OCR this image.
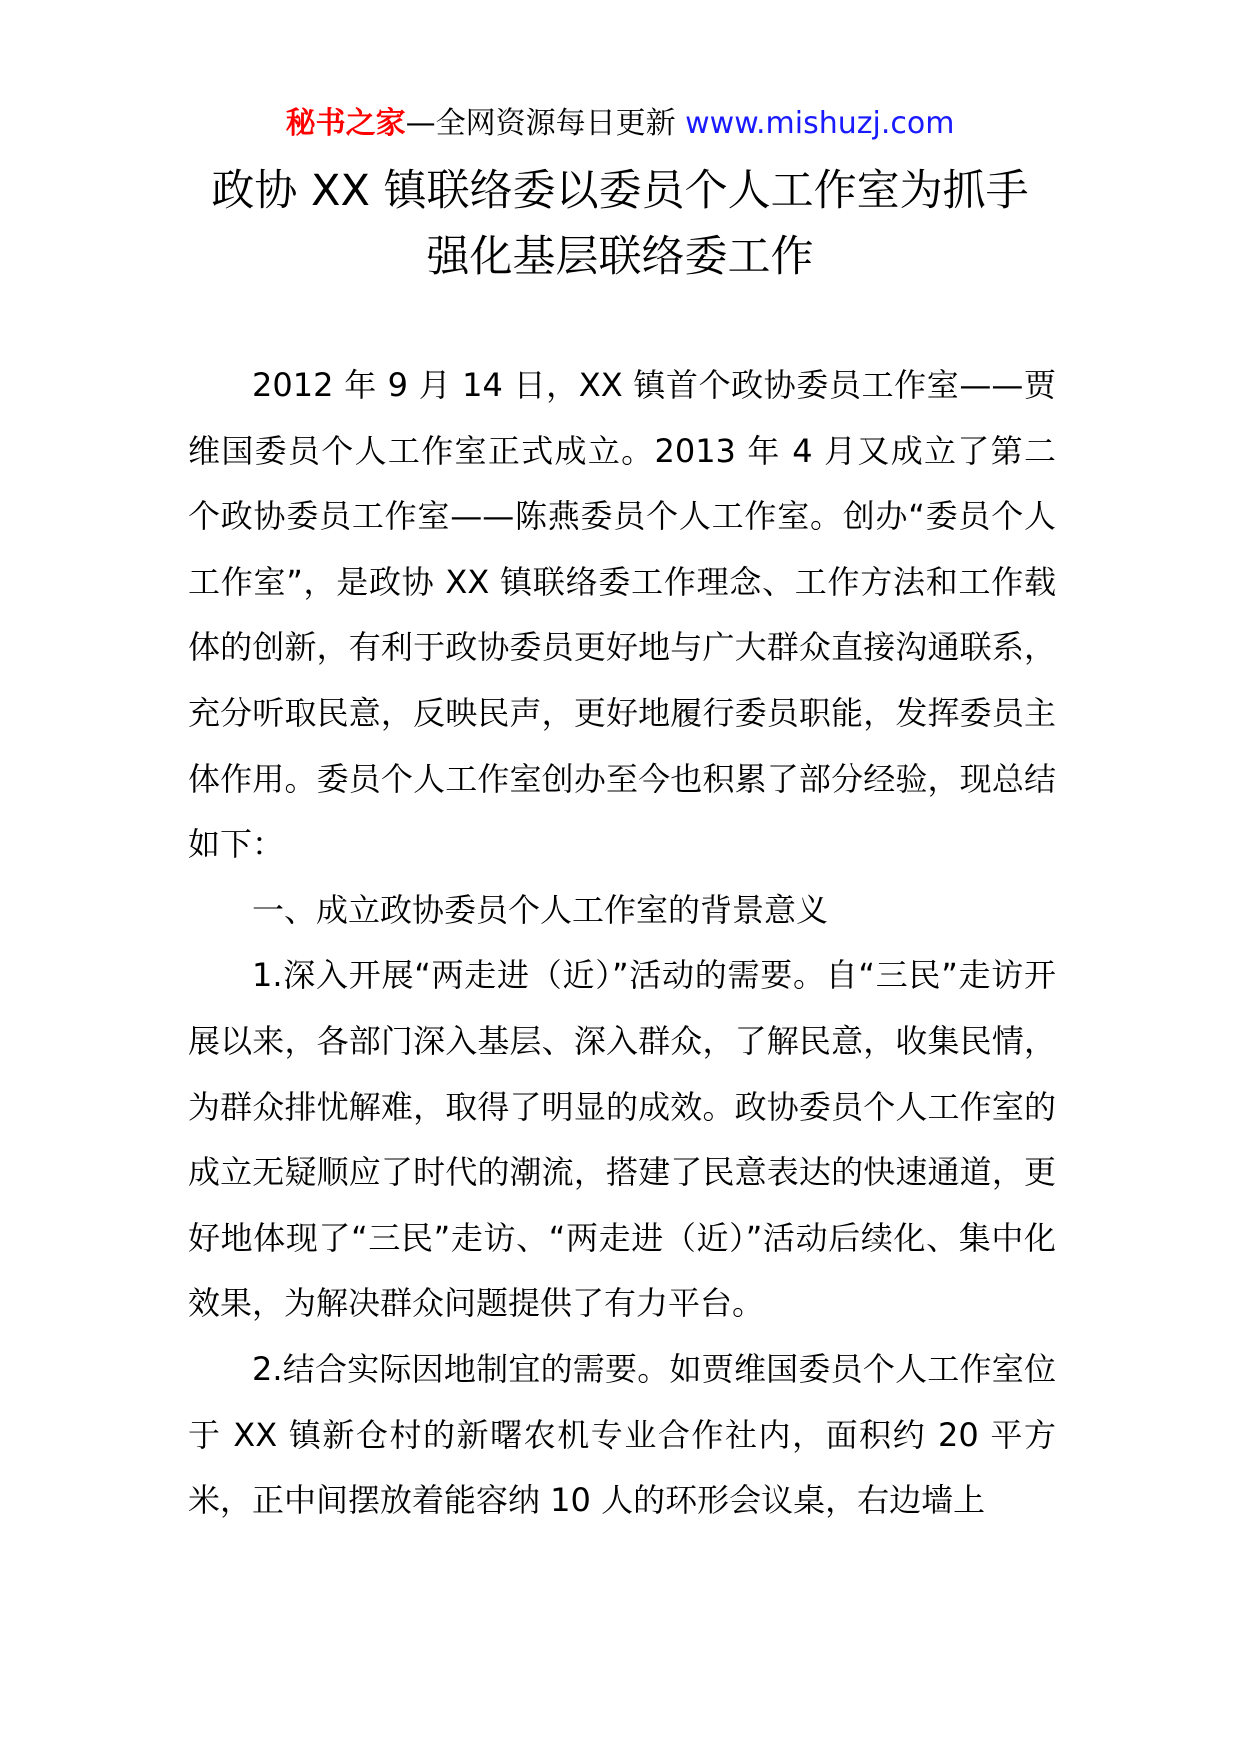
秘书之家—全网资源每日更新 www.mishuzj.com
政协 XX 镇联络委以委员个人工作室为抓手
强化基层联络委工作

2012 年 9 月 14 日，XX 镇首个政协委员工作室——贾维国委员个人工作室正式成立。2013 年 4 月又成立了第二个政协委员工作室——陈燕委员个人工作室。创办“委员个人工作室”，是政协 XX 镇联络委工作理念、工作方法和工作载体的创新，有利于政协委员更好地与广大群众直接沟通联系，充分听取民意，反映民声，更好地履行委员职能，发挥委员主体作用。委员个人工作室创办至今也积累了部分经验，现总结如下：

一、成立政协委员个人工作室的背景意义

1.深入开展“两走进（近）”活动的需要。自“三民”走访开展以来，各部门深入基层、深入群众，了解民意，收集民情，为群众排忧解难，取得了明显的成效。政协委员个人工作室的成立无疑顺应了时代的潮流，搭建了民意表达的快速通道，更好地体现了“三民”走访、“两走进（近）”活动后续化、集中化效果，为解决群众问题提供了有力平台。

2.结合实际因地制宜的需要。如贾维国委员个人工作室位于 XX 镇新仓村的新曙农机专业合作社内，面积约 20 平方米，正中间摆放着能容纳 10 人的环形会议桌，右边墙上
